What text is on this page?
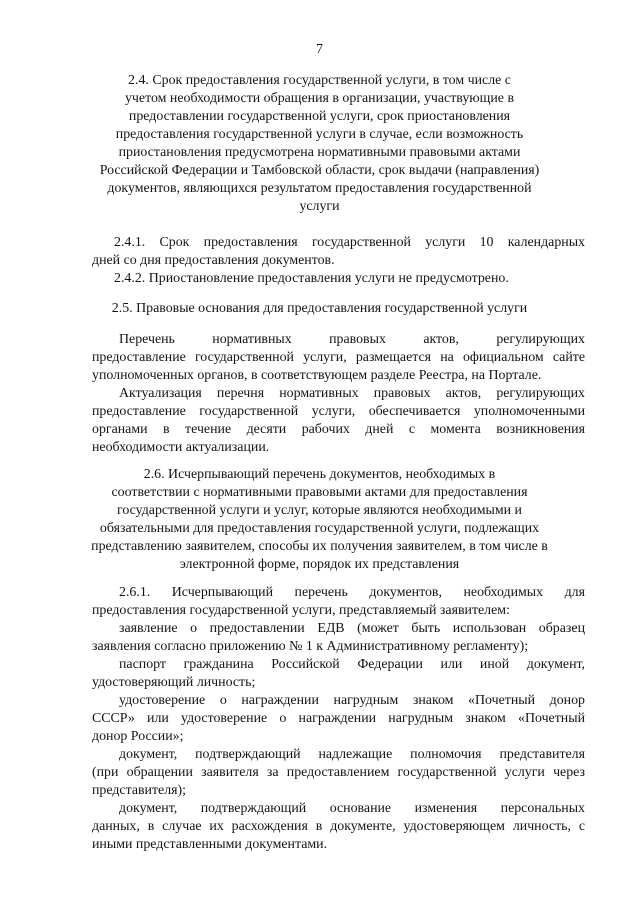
7
2.4. Срок предоставления государственной услуги, в том числе с
учетом необходимости обращения в организации, участвующие в
предоставлении государственной услуги, срок приостановления
предоставления государственной услуги в случае, если возможность
приостановления предусмотрена нормативными правовыми актами
Российской Федерации и Тамбовской области, срок выдачи (направления)
документов, являющихся результатом предоставления государственной
услуги
2.4.1. Срок предоставления государственной услуги 10 календарных
дней со дня предоставления документов.
2.4.2. Приостановление предоставления услуги не предусмотрено.
2.5. Правовые основания для предоставления государственной услуги
Перечень нормативных правовых актов, регулирующих
предоставление государственной услуги, размещается на официальном сайте
уполномоченных органов, в соответствующем разделе Реестра, на Портале.
Актуализация перечня нормативных правовых актов, регулирующих
предоставление государственной услуги, обеспечивается уполномоченными
органами в течение десяти рабочих дней с момента возникновения
необходимости актуализации.
2.6. Исчерпывающий перечень документов, необходимых в
соответствии с нормативными правовыми актами для предоставления
государственной услуги и услуг, которые являются необходимыми и
обязательными для предоставления государственной услуги, подлежащих
представлению заявителем, способы их получения заявителем, в том числе в
электронной форме, порядок их представления
2.6.1. Исчерпывающий перечень документов, необходимых для
предоставления государственной услуги, представляемый заявителем:
заявление о предоставлении ЕДВ (может быть использован образец
заявления согласно приложению № 1 к Административному регламенту);
паспорт гражданина Российской Федерации или иной документ,
удостоверяющий личность;
удостоверение о награждении нагрудным знаком «Почетный донор
СССР» или удостоверение о награждении нагрудным знаком «Почетный
донор России»;
документ, подтверждающий надлежащие полномочия представителя
(при обращении заявителя за предоставлением государственной услуги через
представителя);
документ, подтверждающий основание изменения персональных
данных, в случае их расхождения в документе, удостоверяющем личность, с
иными представленными документами.
